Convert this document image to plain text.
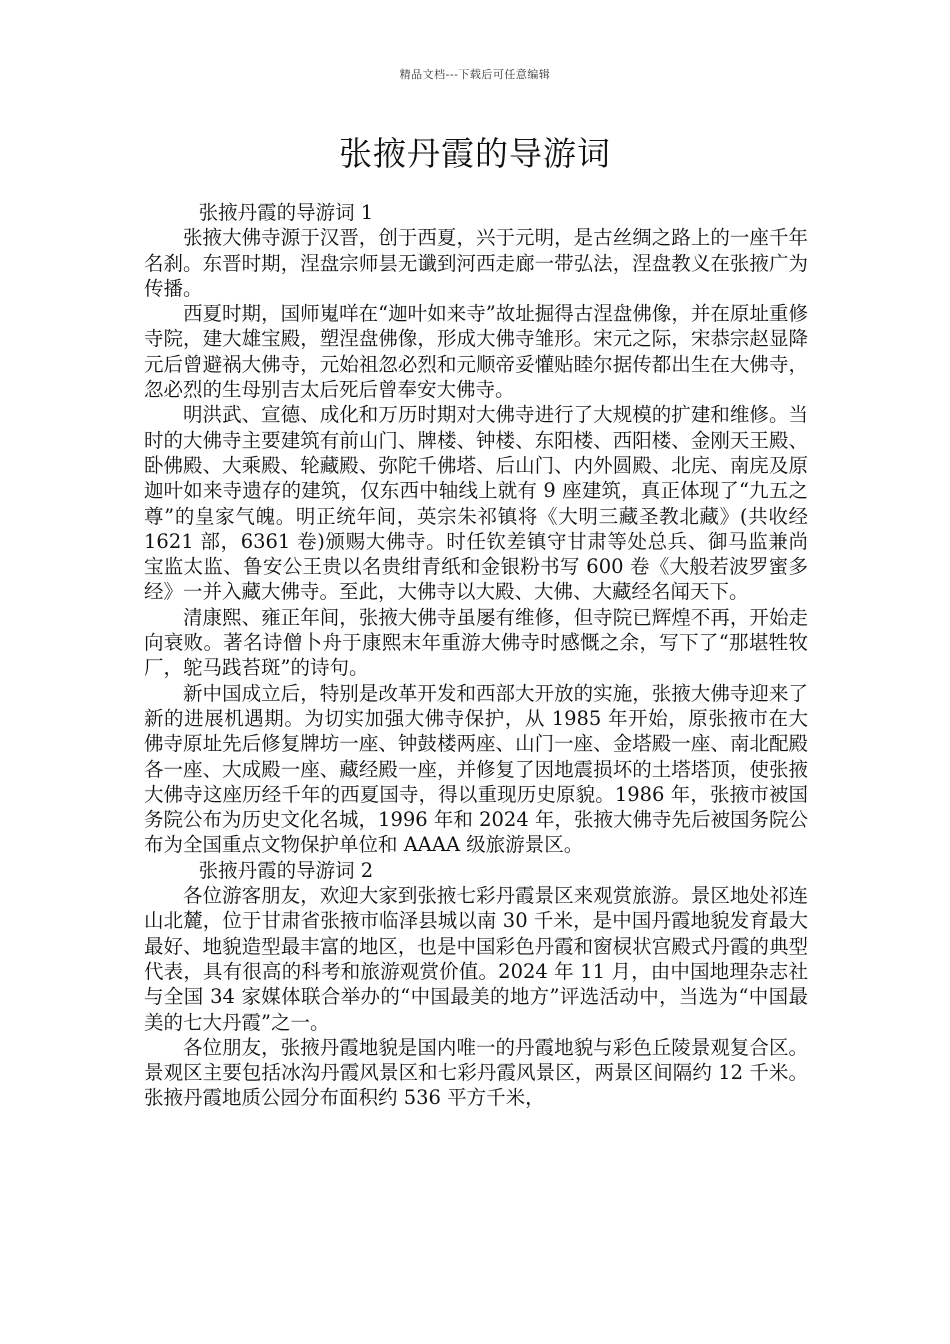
精品文档---下载后可任意编辑
张掖丹霞的导游词

张掖丹霞的导游词 1

张掖大佛寺源于汉晋，创于西夏，兴于元明，是古丝绸之路上的一座千年名刹。东晋时期，涅盘宗师昙无谶到河西走廊一带弘法，涅盘教义在张掖广为传播。

西夏时期，国师嵬咩在“迦叶如来寺”故址掘得古涅盘佛像，并在原址重修寺院，建大雄宝殿，塑涅盘佛像，形成大佛寺雏形。宋元之际，宋恭宗赵显降元后曾避祸大佛寺，元始祖忽必烈和元顺帝妥懽贴睦尔据传都出生在大佛寺，忽必烈的生母别吉太后死后曾奉安大佛寺。

明洪武、宣德、成化和万历时期对大佛寺进行了大规模的扩建和维修。当时的大佛寺主要建筑有前山门、牌楼、钟楼、东阳楼、西阳楼、金刚天王殿、卧佛殿、大乘殿、轮藏殿、弥陀千佛塔、后山门、内外圆殿、北庑、南庑及原迦叶如来寺遗存的建筑，仅东西中轴线上就有 9 座建筑，真正体现了“九五之尊”的皇家气魄。明正统年间，英宗朱祁镇将《大明三藏圣教北藏》(共收经 1621 部，6361 卷)颁赐大佛寺。时任钦差镇守甘肃等处总兵、御马监兼尚宝监太监、鲁安公王贵以名贵绀青纸和金银粉书写 600 卷《大般若波罗蜜多经》一并入藏大佛寺。至此，大佛寺以大殿、大佛、大藏经名闻天下。

清康熙、雍正年间，张掖大佛寺虽屡有维修，但寺院已辉煌不再，开始走向衰败。著名诗僧卜舟于康熙末年重游大佛寺时感慨之余，写下了“那堪牲牧厂，鸵马践苔斑”的诗句。

新中国成立后，特别是改革开发和西部大开放的实施，张掖大佛寺迎来了新的进展机遇期。为切实加强大佛寺保护，从 1985 年开始，原张掖市在大佛寺原址先后修复牌坊一座、钟鼓楼两座、山门一座、金塔殿一座、南北配殿各一座、大成殿一座、藏经殿一座，并修复了因地震损坏的土塔塔顶，使张掖大佛寺这座历经千年的西夏国寺，得以重现历史原貌。1986 年，张掖市被国务院公布为历史文化名城，1996 年和 2024 年，张掖大佛寺先后被国务院公布为全国重点文物保护单位和 AAAA 级旅游景区。

张掖丹霞的导游词 2

各位游客朋友，欢迎大家到张掖七彩丹霞景区来观赏旅游。景区地处祁连山北麓，位于甘肃省张掖市临泽县城以南 30 千米，是中国丹霞地貌发育最大最好、地貌造型最丰富的地区，也是中国彩色丹霞和窗棂状宫殿式丹霞的典型代表，具有很高的科考和旅游观赏价值。2024 年 11 月，由中国地理杂志社与全国 34 家媒体联合举办的“中国最美的地方”评选活动中，当选为“中国最美的七大丹霞”之一。

各位朋友，张掖丹霞地貌是国内唯一的丹霞地貌与彩色丘陵景观复合区。景观区主要包括冰沟丹霞风景区和七彩丹霞风景区，两景区间隔约 12 千米。张掖丹霞地质公园分布面积约 536 平方千米，
